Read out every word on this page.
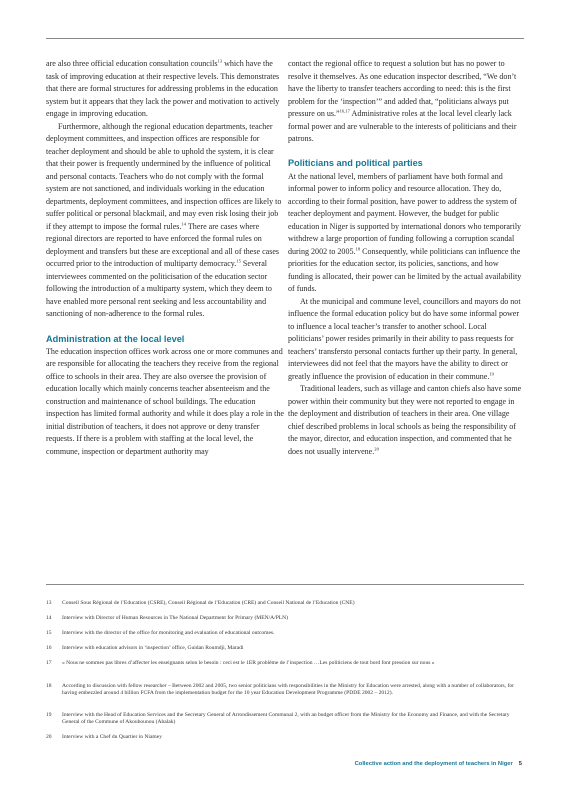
are also three official education consultation councils$^{13}$ which have the task of improving education at their respective levels. This demonstrates that there are formal structures for addressing problems in the education system but it appears that they lack the power and motivation to actively engage in improving education.

Furthermore, although the regional education departments, teacher deployment committees, and inspection offices are responsible for teacher deployment and should be able to uphold the system, it is clear that their power is frequently undermined by the influence of political and personal contacts. Teachers who do not comply with the formal system are not sanctioned, and individuals working in the education departments, deployment committees, and inspection offices are likely to suffer political or personal blackmail, and may even risk losing their job if they attempt to impose the formal rules.$^{14}$ There are cases where regional directors are reported to have enforced the formal rules on deployment and transfers but these are exceptional and all of these cases occurred prior to the introduction of multiparty democracy.$^{15}$ Several interviewees commented on the politicisation of the education sector following the introduction of a multiparty system, which they deem to have enabled more personal rent seeking and less accountability and sanctioning of non-adherence to the formal rules.

Administration at the local level

The education inspection offices work across one or more communes and are responsible for allocating the teachers they receive from the regional office to schools in their area. They are also oversee the provision of education locally which mainly concerns teacher absenteeism and the construction and maintenance of school buildings. The education inspection has limited formal authority and while it does play a role in the initial distribution of teachers, it does not approve or deny transfer requests. If there is a problem with staffing at the local level, the commune, inspection or department authority may

contact the regional office to request a solution but has no power to resolve it themselves. As one education inspector described, “We don’t have the liberty to transfer teachers according to need: this is the first problem for the ‘inspection’” and added that, “politicians always put pressure on us.”$^{16,17}$ Administrative roles at the local level clearly lack formal power and are vulnerable to the interests of politicians and their patrons.

Politicians and political parties

At the national level, members of parliament have both formal and informal power to inform policy and resource allocation. They do, according to their formal position, have power to address the system of teacher deployment and payment. However, the budget for public education in Niger is supported by international donors who temporarily withdrew a large proportion of funding following a corruption scandal during 2002 to 2005.18 Consequently, while politicians can influence the priorities for the education sector, its policies, sanctions, and how funding is allocated, their power can be limited by the actual availability of funds.

At the municipal and commune level, councillors and mayors do not influence the formal education policy but do have some informal power to influence a local teacher’s transfer to another school. Local politicians’ power resides primarily in their ability to pass requests for teachers’ transfersto personal contacts further up their party. In general, interviewees did not feel that the mayors have the ability to direct or greatly influence the provision of education in their commune.$^{19}$

Traditional leaders, such as village and canton chiefs also have some power within their community but they were not reported to engage in the deployment and distribution of teachers in their area. One village chief described problems in local schools as being the responsibility of the mayor, director, and education inspection, and commented that he does not usually intervene.$^{20}$

13	Conseil Sous Régional de l’Education (CSRE), Conseil Régional de l’Education (CRE) and Conseil National de l’Education (CNE)
14	Interview with Director of Human Resources in The National Department for Primary (MEN/A/PLN)
15	Interview with the director of the office for monitoring and evaluation of educational outcomes.
16	Interview with education advisors in ‘inspection’ office, Guidan Roumdji, Maradi
17	« Nous ne sommes pas libres d’affecter les enseignants selon le besoin : ceci est le 1ER problème de l’inspection …Les politiciens de tout bord font pression sur nous »
18	According to discussion with fellow researcher – Between 2002 and 2005, two senior politicians with responsibilities in the Ministry for Education were arrested, along with a number of collaborators, for having embezzled around 4 billion FCFA from the implementation budget for the 10 year Education Development Programme (PDDE 2002 – 2012).
19	Interview with the Head of Education Services and the Secretary General of Arrondissement Communal 2, with an budget officer from the Ministry for the Economy and Finance, and with the Secretary General of the Commune of Akoubounou (Abalak)
20	Interview with a Chef du Quartier in Niamey
Collective action and the deployment of teachers in Niger 5
